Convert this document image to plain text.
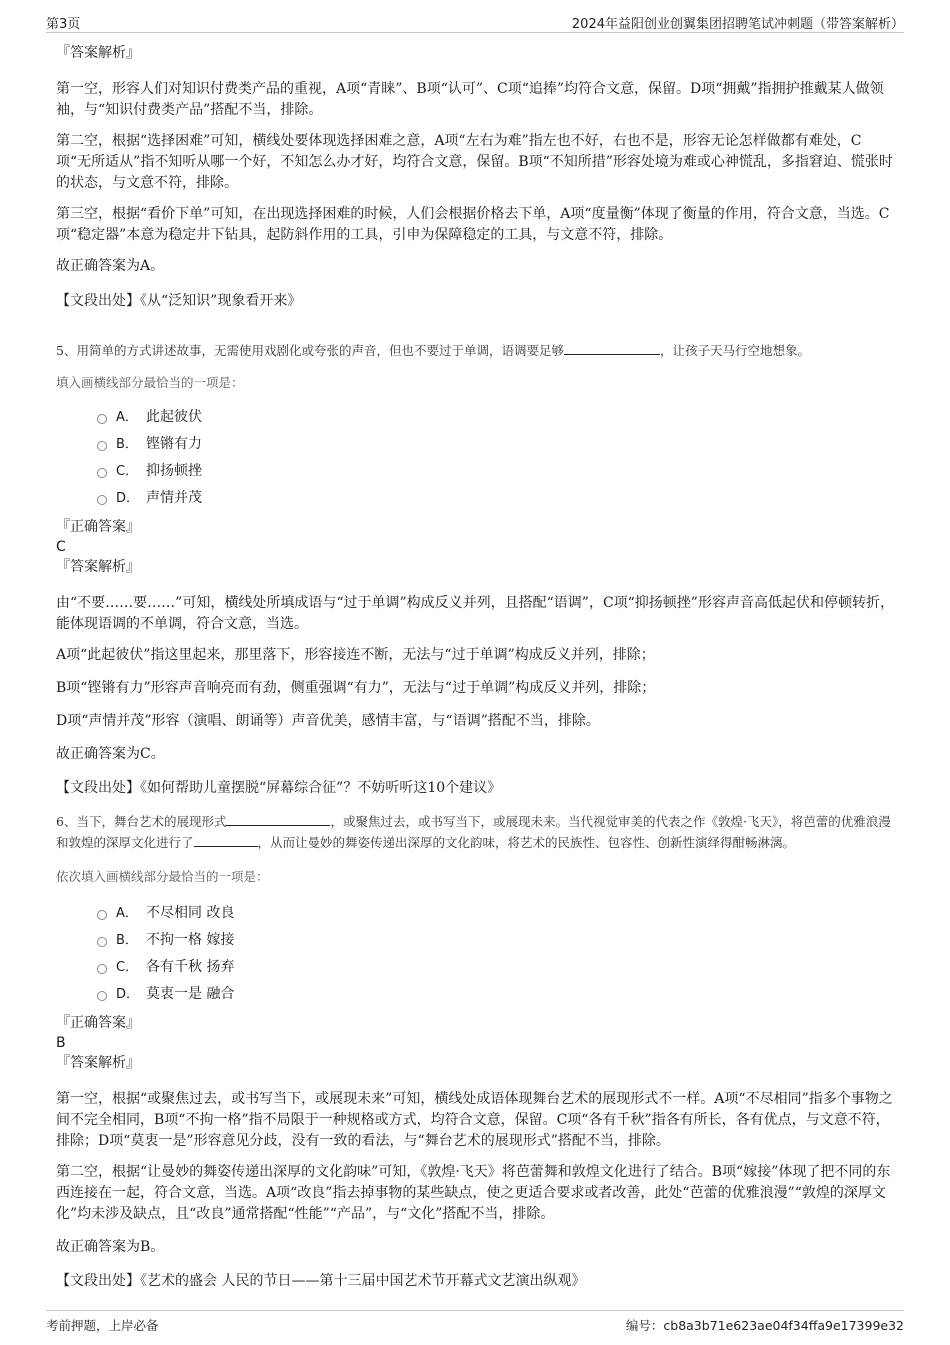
第3页	2024年益阳创业创翼集团招聘笔试冲刺题（带答案解析）

『答案解析』

第一空，形容人们对知识付费类产品的重视，A项“青睐”、B项“认可”、C项“追捧”均符合文意，保留。D项“拥戴”指拥护推戴某人做领袖，与“知识付费类产品”搭配不当，排除。

第二空，根据“选择困难”可知，横线处要体现选择困难之意，A项“左右为难”指左也不好，右也不是，形容无论怎样做都有难处，C项“无所适从”指不知听从哪一个好，不知怎么办才好，均符合文意，保留。B项“不知所措”形容处境为难或心神慌乱，多指窘迫、慌张时的状态，与文意不符，排除。

第三空，根据“看价下单”可知，在出现选择困难的时候，人们会根据价格去下单，A项“度量衡”体现了衡量的作用，符合文意，当选。C项“稳定器”本意为稳定井下钻具，起防斜作用的工具，引申为保障稳定的工具，与文意不符，排除。

故正确答案为A。

【文段出处】《从“泛知识”现象看开来》

5、用简单的方式讲述故事，无需使用戏剧化或夸张的声音，但也不要过于单调，语调要足够	，让孩子天马行空地想象。

填入画横线部分最恰当的一项是：

A． 此起彼伏
B． 铿锵有力
C． 抑扬顿挫
D． 声情并茂

『正确答案』

C

『答案解析』

由“不要……要……”可知，横线处所填成语与“过于单调”构成反义并列，且搭配“语调”，C项“抑扬顿挫”形容声音高低起伏和停顿转折，能体现语调的不单调，符合文意，当选。

A项“此起彼伏”指这里起来，那里落下，形容接连不断，无法与“过于单调”构成反义并列，排除；

B项“铿锵有力”形容声音响亮而有劲，侧重强调“有力”，无法与“过于单调”构成反义并列，排除；

D项“声情并茂”形容（演唱、朗诵等）声音优美，感情丰富，与“语调”搭配不当，排除。

故正确答案为C。

【文段出处】《如何帮助儿童摆脱“屏幕综合征”？不妨听听这10个建议》

6、当下，舞台艺术的展现形式	，或聚焦过去，或书写当下，或展现未来。当代视觉审美的代表之作《敦煌·飞天》，将芭蕾的优雅浪漫和敦煌的深厚文化进行了	，从而让曼妙的舞姿传递出深厚的文化韵味，将艺术的民族性、包容性、创新性演绎得酣畅淋漓。

依次填入画横线部分最恰当的一项是：

A． 不尽相同 改良
B． 不拘一格 嫁接
C． 各有千秋 扬弃
D． 莫衷一是 融合

『正确答案』

B

『答案解析』

第一空，根据“或聚焦过去，或书写当下，或展现未来”可知，横线处成语体现舞台艺术的展现形式不一样。A项“不尽相同”指多个事物之间不完全相同，B项“不拘一格”指不局限于一种规格或方式，均符合文意，保留。C项“各有千秋”指各有所长，各有优点，与文意不符，排除；D项“莫衷一是”形容意见分歧，没有一致的看法，与“舞台艺术的展现形式”搭配不当，排除。

第二空，根据“让曼妙的舞姿传递出深厚的文化韵味”可知，《敦煌·飞天》将芭蕾舞和敦煌文化进行了结合。B项“嫁接”体现了把不同的东西连接在一起，符合文意，当选。A项“改良”指去掉事物的某些缺点，使之更适合要求或者改善，此处“芭蕾的优雅浪漫”“敦煌的深厚文化”均未涉及缺点，且“改良”通常搭配“性能”“产品”，与“文化”搭配不当，排除。

故正确答案为B。

【文段出处】《艺术的盛会 人民的节日——第十三届中国艺术节开幕式文艺演出纵观》

考前押题，上岸必备	编号：cb8a3b71e623ae04f34ffa9e17399e32
